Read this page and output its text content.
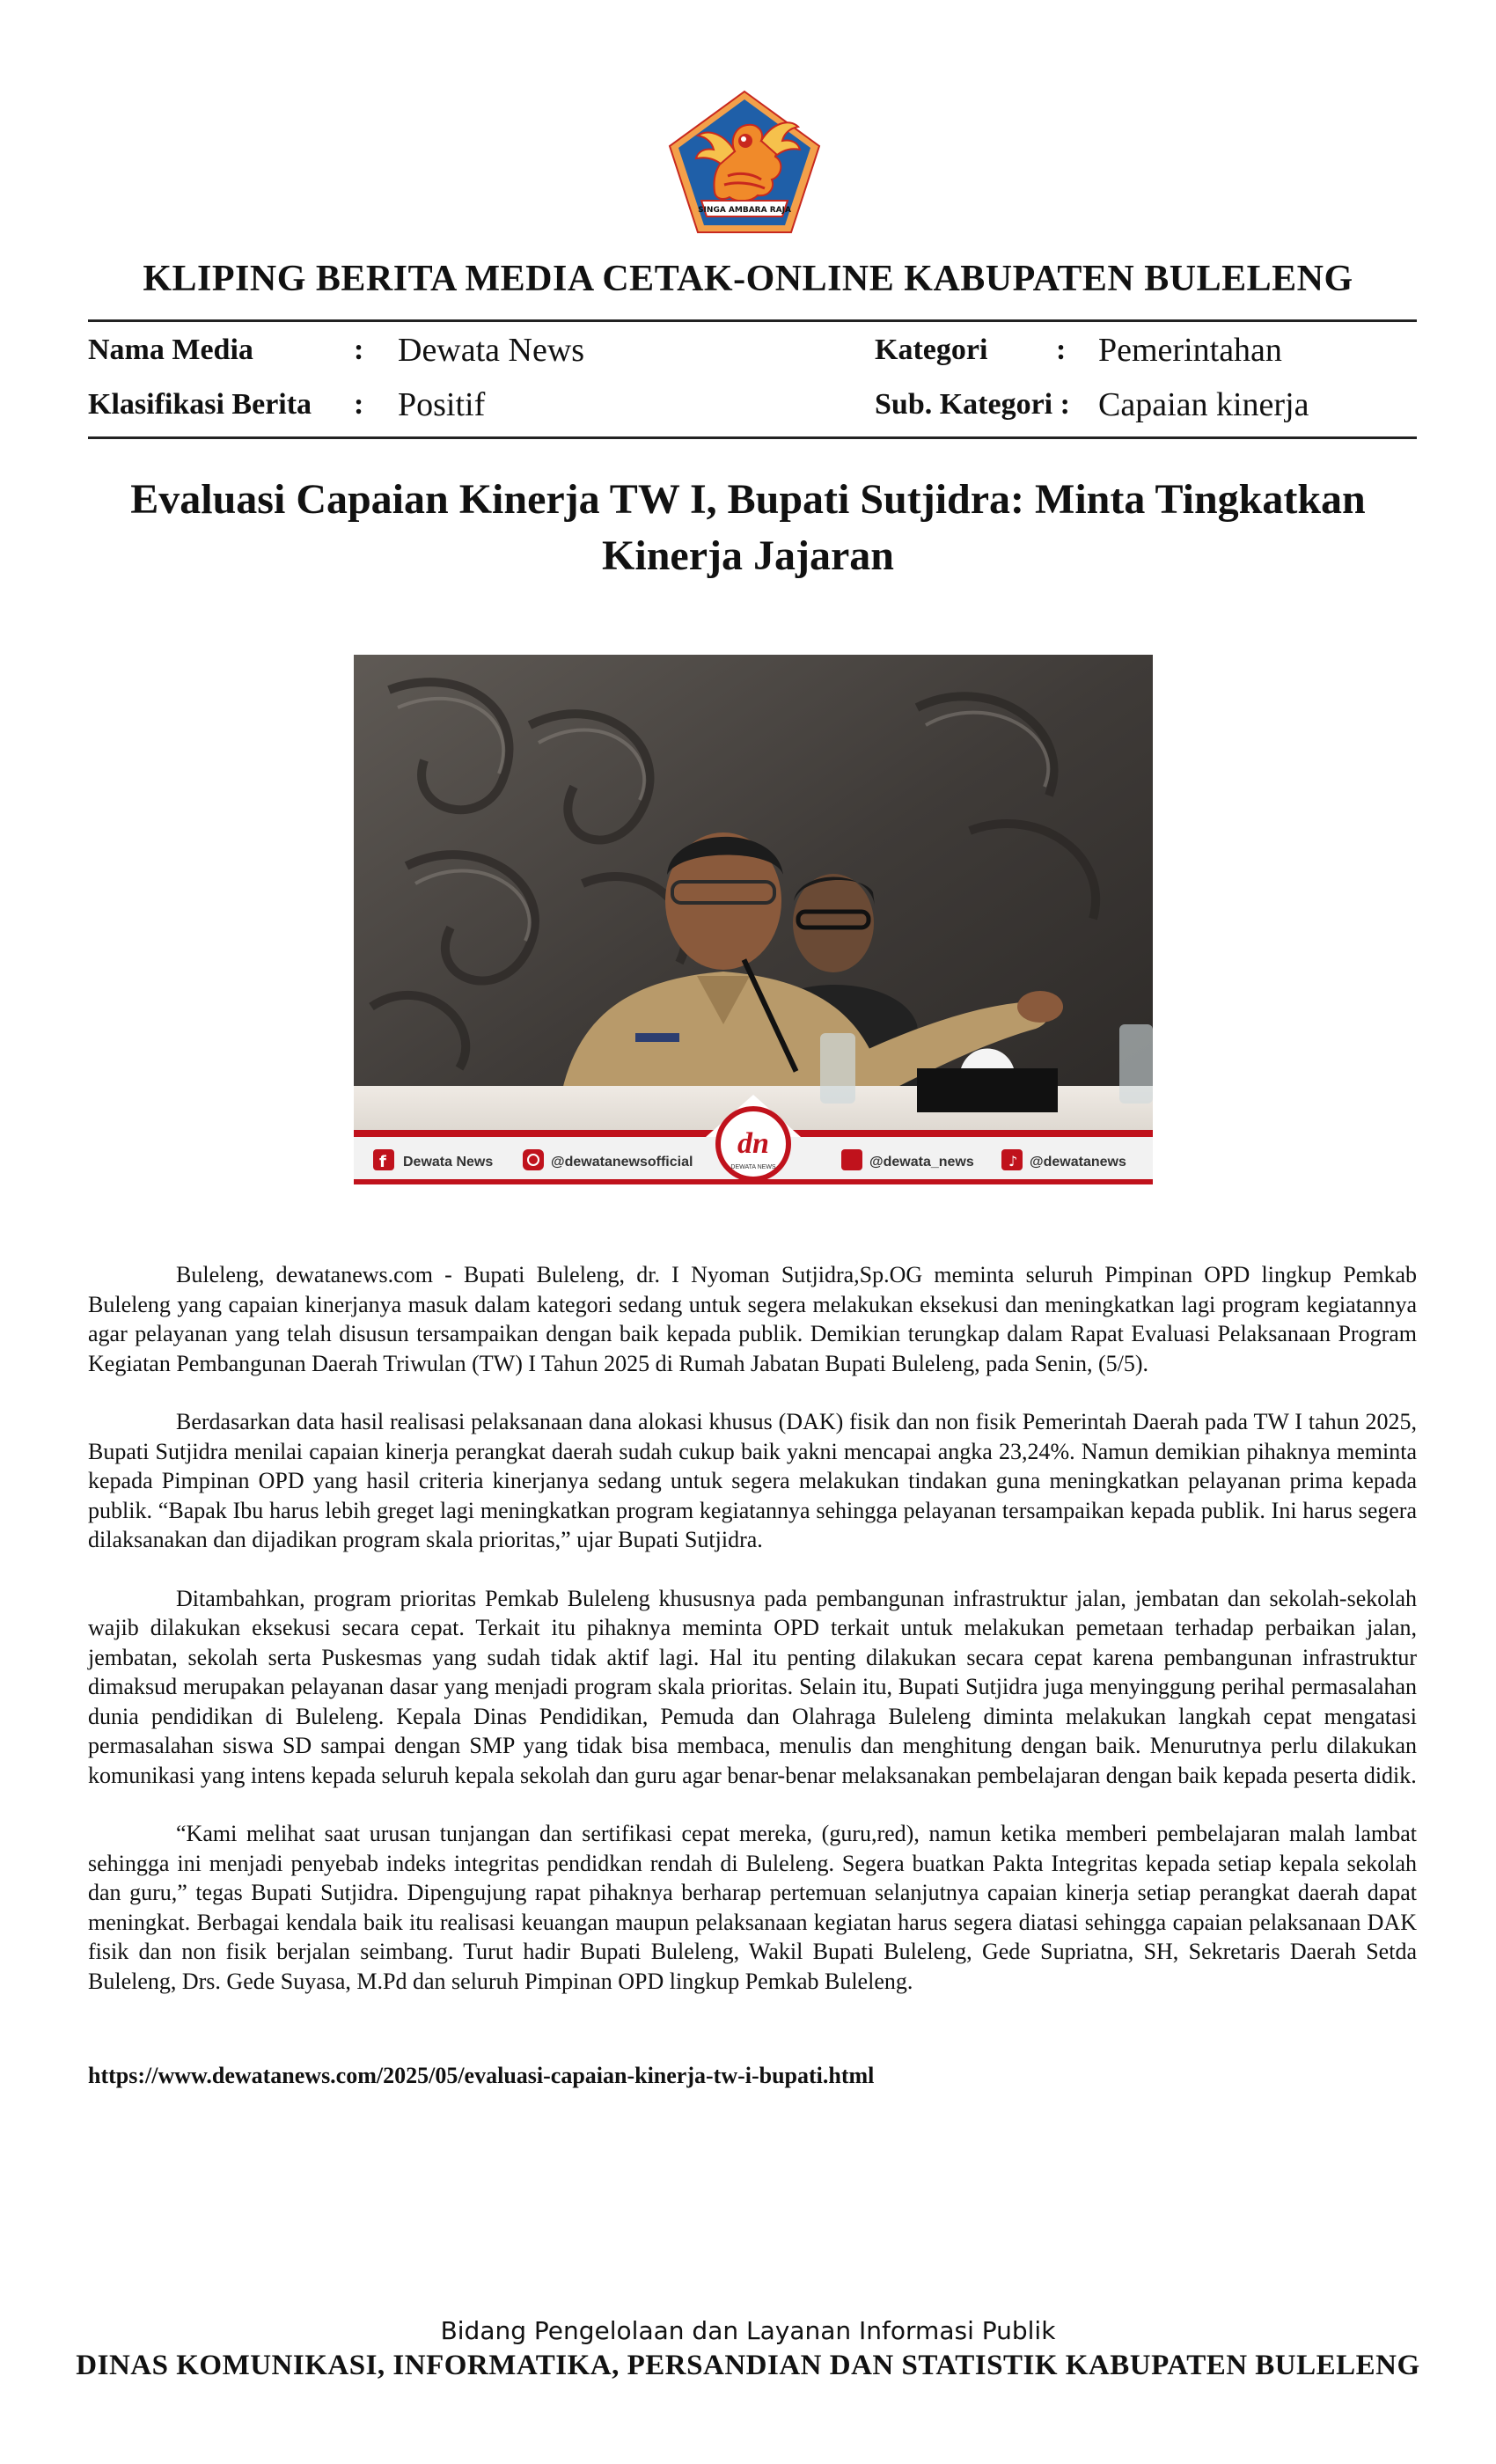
SINGA AMBARA RAJA
KLIPING BERITA MEDIA CETAK-ONLINE KABUPATEN BULELENG
Nama Media	: Dewata News	Kategori : Pemerintahan
Klasifikasi Berita : Positif	Sub. Kategori : Capaian kinerja
Evaluasi Capaian Kinerja TW I, Bupati Sutjidra: Minta Tingkatkan Kinerja Jajaran
f Dewata News	@dewatanewsofficial
dn
DEWATA NEWS	@dewata_news ♪ @dewatanews

Buleleng, dewatanews.com - Bupati Buleleng, dr. I Nyoman Sutjidra,Sp.OG meminta seluruh Pimpinan OPD lingkup Pemkab Buleleng yang capaian kinerjanya masuk dalam kategori sedang untuk segera melakukan eksekusi dan meningkatkan lagi program kegiatannya agar pelayanan yang telah disusun tersampaikan dengan baik kepada publik. Demikian terungkap dalam Rapat Evaluasi Pelaksanaan Program Kegiatan Pembangunan Daerah Triwulan (TW) I Tahun 2025 di Rumah Jabatan Bupati Buleleng, pada Senin, (5/5).

Berdasarkan data hasil realisasi pelaksanaan dana alokasi khusus (DAK) fisik dan non fisik Pemerintah Daerah pada TW I tahun 2025, Bupati Sutjidra menilai capaian kinerja perangkat daerah sudah cukup baik yakni mencapai angka 23,24%. Namun demikian pihaknya meminta kepada Pimpinan OPD yang hasil criteria kinerjanya sedang untuk segera melakukan tindakan guna meningkatkan pelayanan prima kepada publik. “Bapak Ibu harus lebih greget lagi meningkatkan program kegiatannya sehingga pelayanan tersampaikan kepada publik. Ini harus segera dilaksanakan dan dijadikan program skala prioritas,” ujar Bupati Sutjidra.

Ditambahkan, program prioritas Pemkab Buleleng khususnya pada pembangunan infrastruktur jalan, jembatan dan sekolah-sekolah wajib dilakukan eksekusi secara cepat. Terkait itu pihaknya meminta OPD terkait untuk melakukan pemetaan terhadap perbaikan jalan, jembatan, sekolah serta Puskesmas yang sudah tidak aktif lagi. Hal itu penting dilakukan secara cepat karena pembangunan infrastruktur dimaksud merupakan pelayanan dasar yang menjadi program skala prioritas. Selain itu, Bupati Sutjidra juga menyinggung perihal permasalahan dunia pendidikan di Buleleng. Kepala Dinas Pendidikan, Pemuda dan Olahraga Buleleng diminta melakukan langkah cepat mengatasi permasalahan siswa SD sampai dengan SMP yang tidak bisa membaca, menulis dan menghitung dengan baik. Menurutnya perlu dilakukan komunikasi yang intens kepada seluruh kepala sekolah dan guru agar benar-benar melaksanakan pembelajaran dengan baik kepada peserta didik.

“Kami melihat saat urusan tunjangan dan sertifikasi cepat mereka, (guru,red), namun ketika memberi pembelajaran malah lambat sehingga ini menjadi penyebab indeks integritas pendidkan rendah di Buleleng. Segera buatkan Pakta Integritas kepada setiap kepala sekolah dan guru,” tegas Bupati Sutjidra. Dipengujung rapat pihaknya berharap pertemuan selanjutnya capaian kinerja setiap perangkat daerah dapat meningkat. Berbagai kendala baik itu realisasi keuangan maupun pelaksanaan kegiatan harus segera diatasi sehingga capaian pelaksanaan DAK fisik dan non fisik berjalan seimbang. Turut hadir Bupati Buleleng, Wakil Bupati Buleleng, Gede Supriatna, SH, Sekretaris Daerah Setda Buleleng, Drs. Gede Suyasa, M.Pd dan seluruh Pimpinan OPD lingkup Pemkab Buleleng.

https://www.dewatanews.com/2025/05/evaluasi-capaian-kinerja-tw-i-bupati.html
Bidang Pengelolaan dan Layanan Informasi Publik
DINAS KOMUNIKASI, INFORMATIKA, PERSANDIAN DAN STATISTIK KABUPATEN BULELENG
